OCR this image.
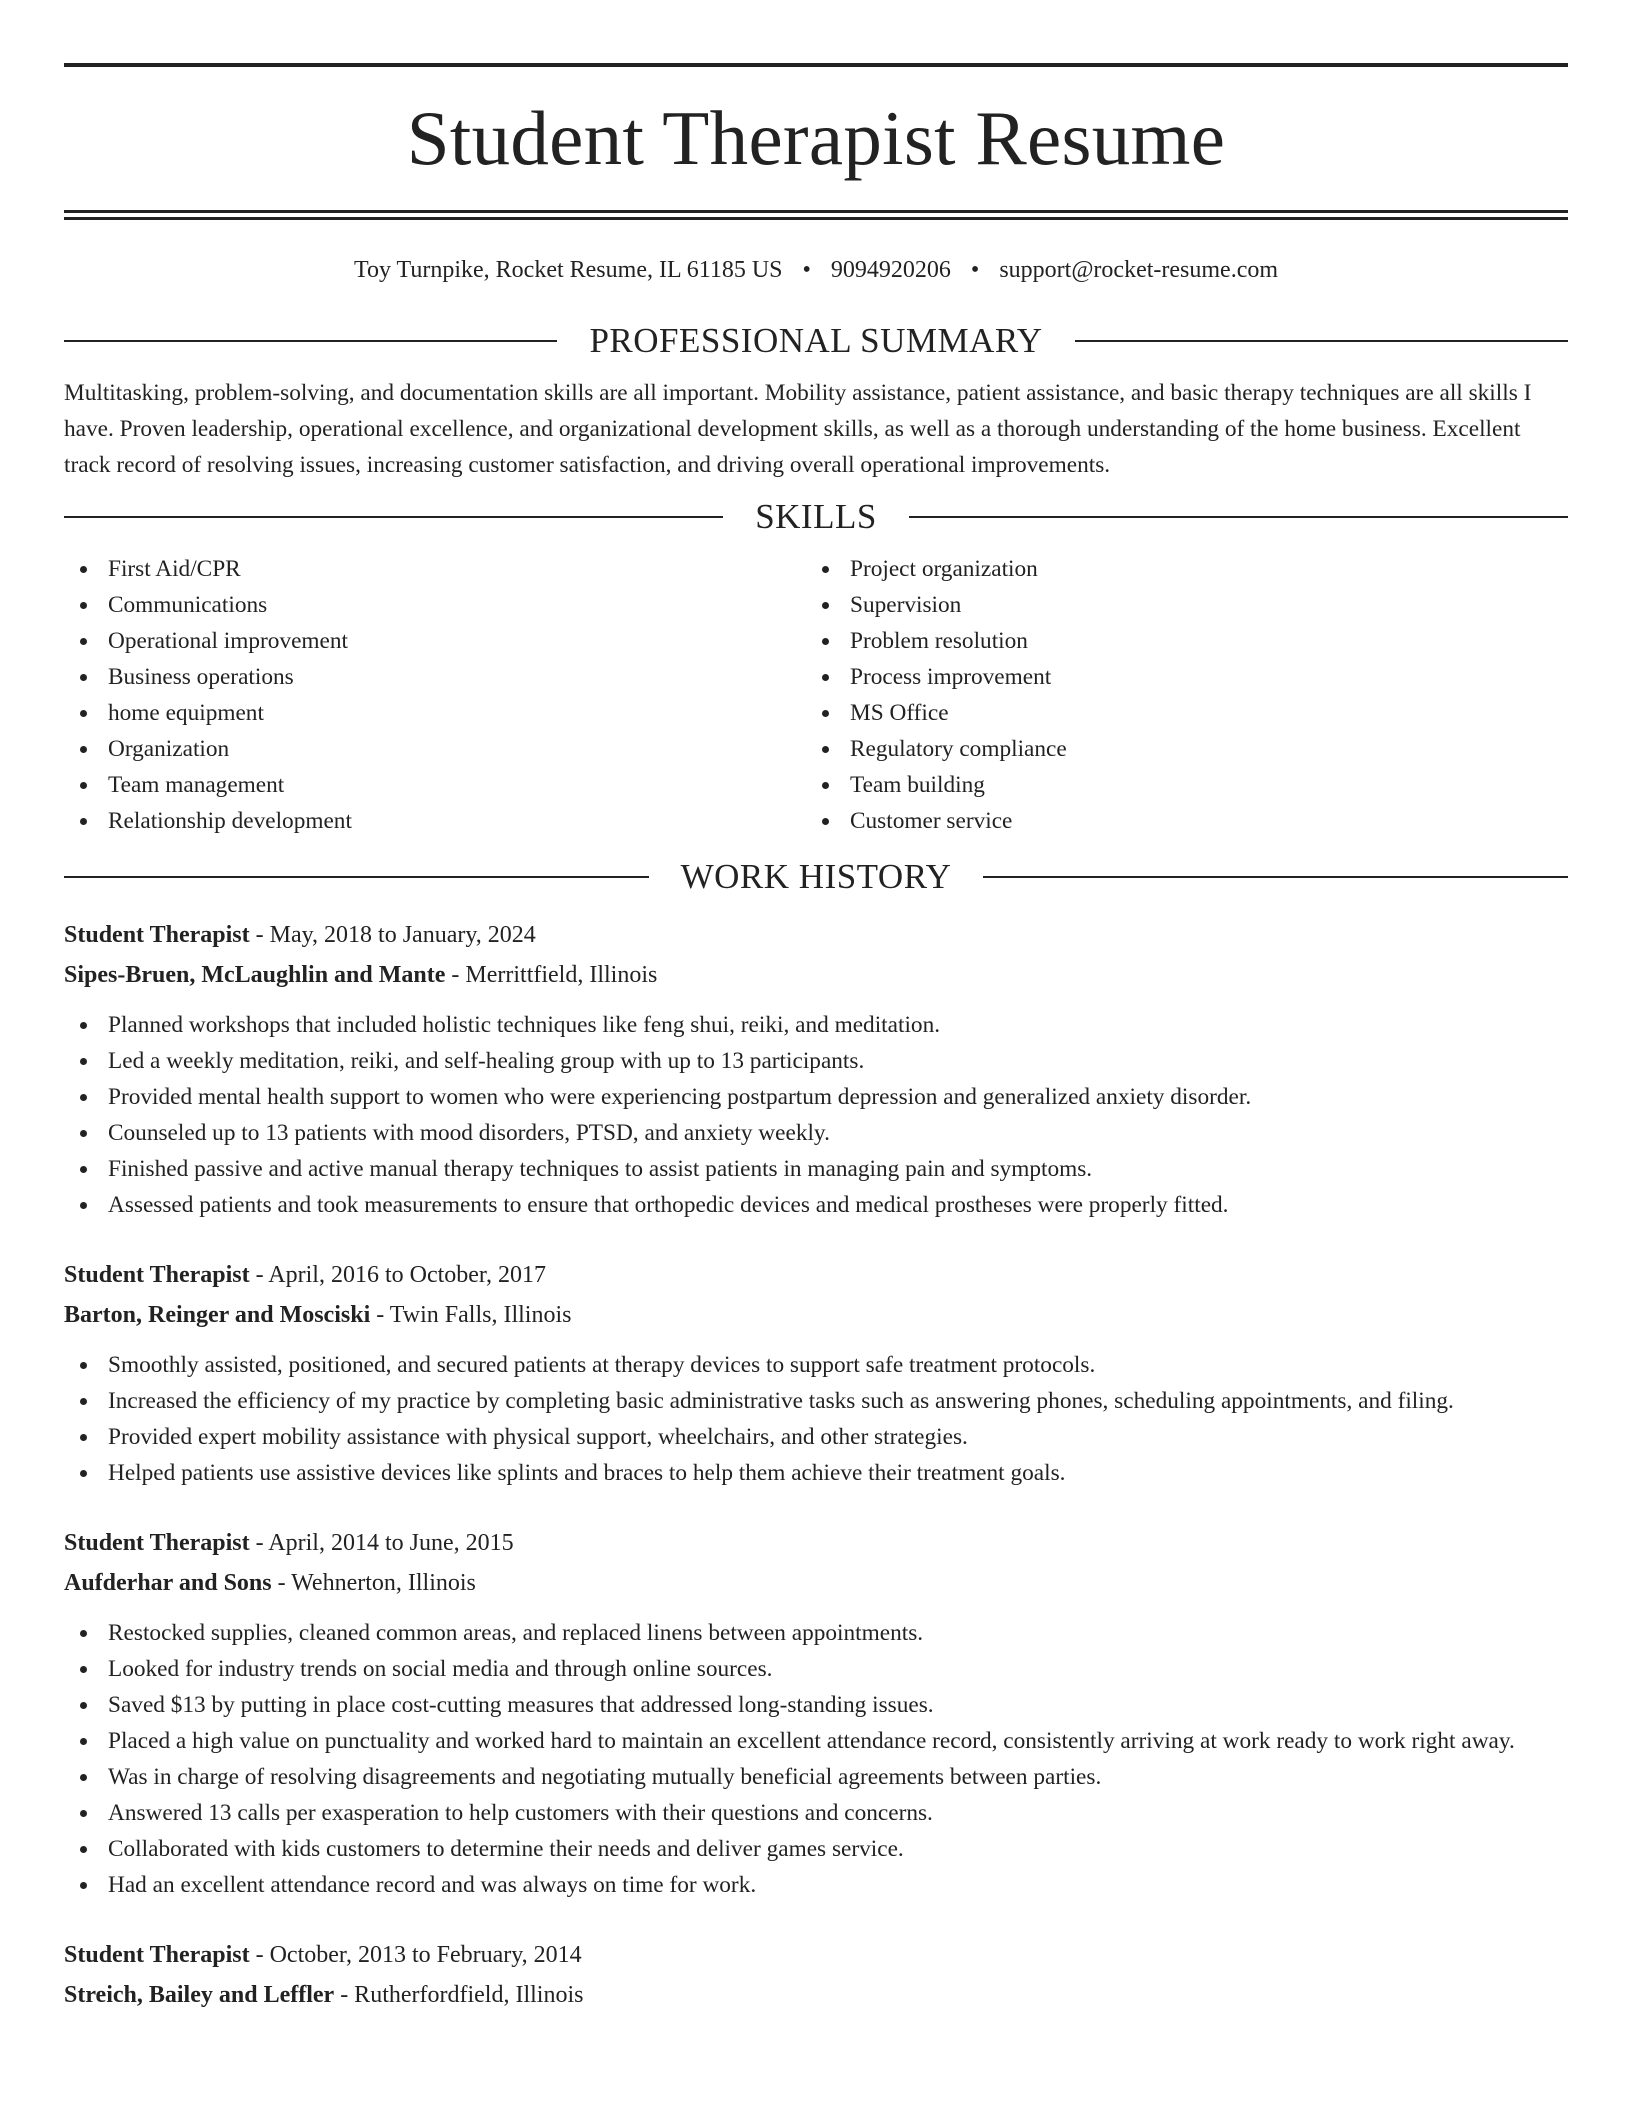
Student Therapist Resume
Toy Turnpike, Rocket Resume, IL 61185 US • 9094920206 • support@rocket-resume.com
PROFESSIONAL SUMMARY
Multitasking, problem-solving, and documentation skills are all important. Mobility assistance, patient assistance, and basic therapy techniques are all skills I have. Proven leadership, operational excellence, and organizational development skills, as well as a thorough understanding of the home business. Excellent track record of resolving issues, increasing customer satisfaction, and driving overall operational improvements.
SKILLS
First Aid/CPR
Communications
Operational improvement
Business operations
home equipment
Organization
Team management
Relationship development
Project organization
Supervision
Problem resolution
Process improvement
MS Office
Regulatory compliance
Team building
Customer service
WORK HISTORY
Student Therapist - May, 2018 to January, 2024
Sipes-Bruen, McLaughlin and Mante - Merrittfield, Illinois
Planned workshops that included holistic techniques like feng shui, reiki, and meditation.
Led a weekly meditation, reiki, and self-healing group with up to 13 participants.
Provided mental health support to women who were experiencing postpartum depression and generalized anxiety disorder.
Counseled up to 13 patients with mood disorders, PTSD, and anxiety weekly.
Finished passive and active manual therapy techniques to assist patients in managing pain and symptoms.
Assessed patients and took measurements to ensure that orthopedic devices and medical prostheses were properly fitted.
Student Therapist - April, 2016 to October, 2017
Barton, Reinger and Mosciski - Twin Falls, Illinois
Smoothly assisted, positioned, and secured patients at therapy devices to support safe treatment protocols.
Increased the efficiency of my practice by completing basic administrative tasks such as answering phones, scheduling appointments, and filing.
Provided expert mobility assistance with physical support, wheelchairs, and other strategies.
Helped patients use assistive devices like splints and braces to help them achieve their treatment goals.
Student Therapist - April, 2014 to June, 2015
Aufderhar and Sons - Wehnerton, Illinois
Restocked supplies, cleaned common areas, and replaced linens between appointments.
Looked for industry trends on social media and through online sources.
Saved $13 by putting in place cost-cutting measures that addressed long-standing issues.
Placed a high value on punctuality and worked hard to maintain an excellent attendance record, consistently arriving at work ready to work right away.
Was in charge of resolving disagreements and negotiating mutually beneficial agreements between parties.
Answered 13 calls per exasperation to help customers with their questions and concerns.
Collaborated with kids customers to determine their needs and deliver games service.
Had an excellent attendance record and was always on time for work.
Student Therapist - October, 2013 to February, 2014
Streich, Bailey and Leffler - Rutherfordfield, Illinois
